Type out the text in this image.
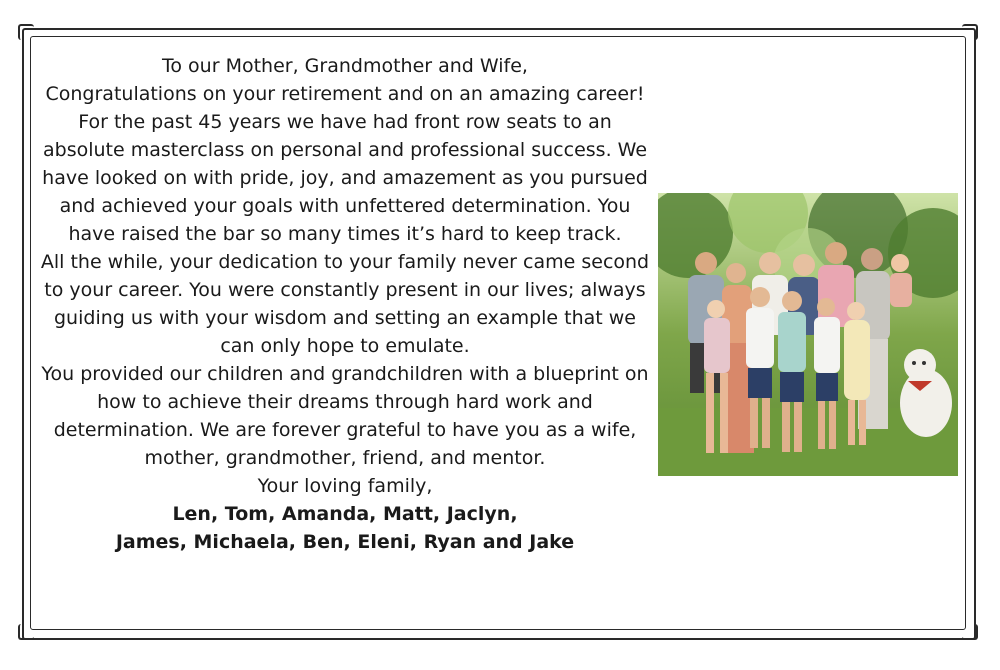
To our Mother, Grandmother and Wife,

Congratulations on your retirement and on an amazing career!

For the past 45 years we have had front row seats to an absolute masterclass on personal and professional success. We have looked on with pride, joy, and amazement as you pursued and achieved your goals with unfettered determination. You have raised the bar so many times it’s hard to keep track.

All the while, your dedication to your family never came second to your career. You were constantly present in our lives; always guiding us with your wisdom and setting an example that we can only hope to emulate.

You provided our children and grandchildren with a blueprint on how to achieve their dreams through hard work and determination. We are forever grateful to have you as a wife, mother, grandmother, friend, and mentor.

Your loving family,

Len, Tom, Amanda, Matt, Jaclyn,

James, Michaela, Ben, Eleni, Ryan and Jake
